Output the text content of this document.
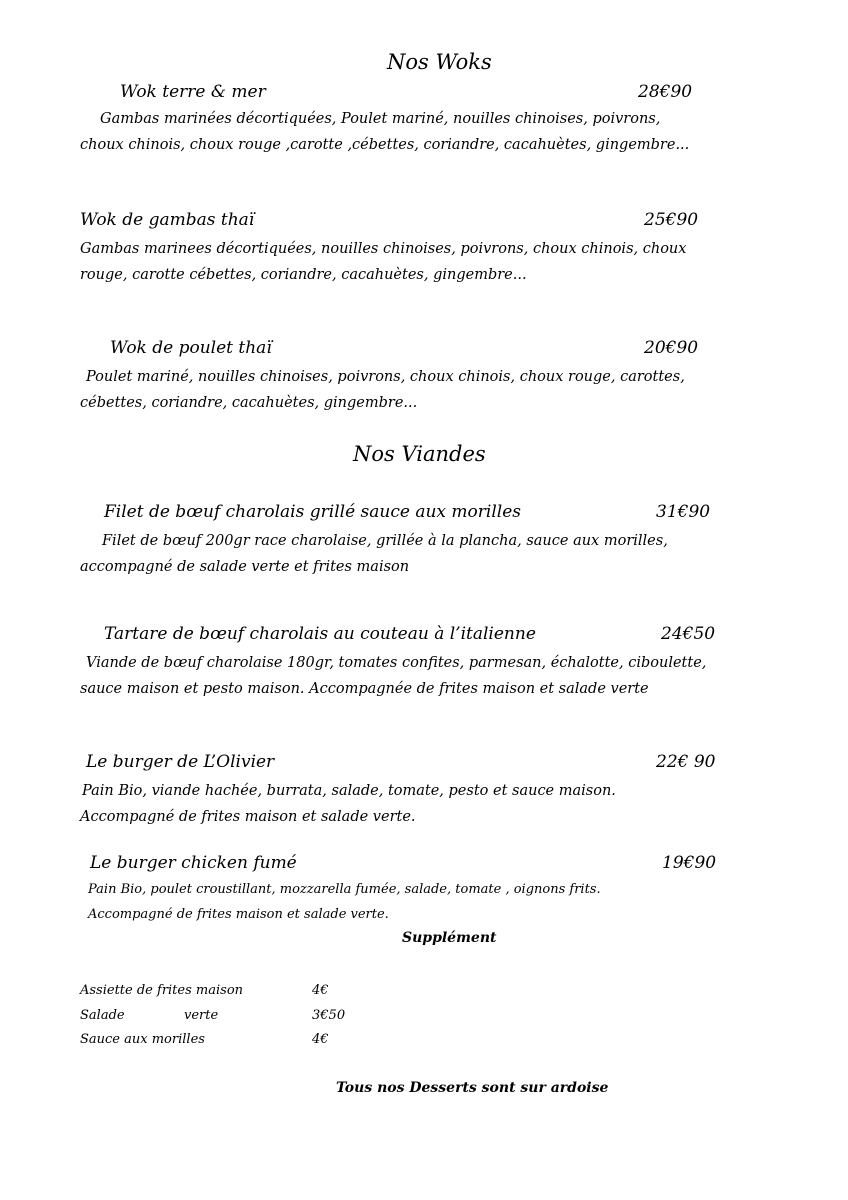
Nos Woks
Wok terre & mer	28€90
Gambas marinées décortiquées, Poulet mariné, nouilles chinoises, poivrons,
choux chinois, choux rouge ,carotte ,cébettes, coriandre, cacahuètes, gingembre...
Wok de gambas thaï	25€90
Gambas marinees décortiquées, nouilles chinoises, poivrons, choux chinois, choux
rouge, carotte cébettes, coriandre, cacahuètes, gingembre...
Wok de poulet thaï	20€90
Poulet mariné, nouilles chinoises, poivrons, choux chinois, choux rouge, carottes,
cébettes, coriandre, cacahuètes, gingembre...
Nos Viandes
Filet de bœuf charolais grillé sauce aux morilles	31€90
Filet de bœuf 200gr race charolaise, grillée à la plancha, sauce aux morilles,
accompagné de salade verte et frites maison
Tartare de bœuf charolais au couteau à l’italienne	24€50
Viande de bœuf charolaise 180gr, tomates confites, parmesan, échalotte, ciboulette,
sauce maison et pesto maison. Accompagnée de frites maison et salade verte
Le burger de L’Olivier	22€ 90
Pain Bio, viande hachée, burrata, salade, tomate, pesto et sauce maison.
Accompagné de frites maison et salade verte.
Le burger chicken fumé	19€90
Pain Bio, poulet croustillant, mozzarella fumée, salade, tomate , oignons frits.
Accompagné de frites maison et salade verte.
Supplément
Assiette de frites maison	4€
Salade	verte	3€50
Sauce aux morilles	4€
Tous nos Desserts sont sur ardoise
